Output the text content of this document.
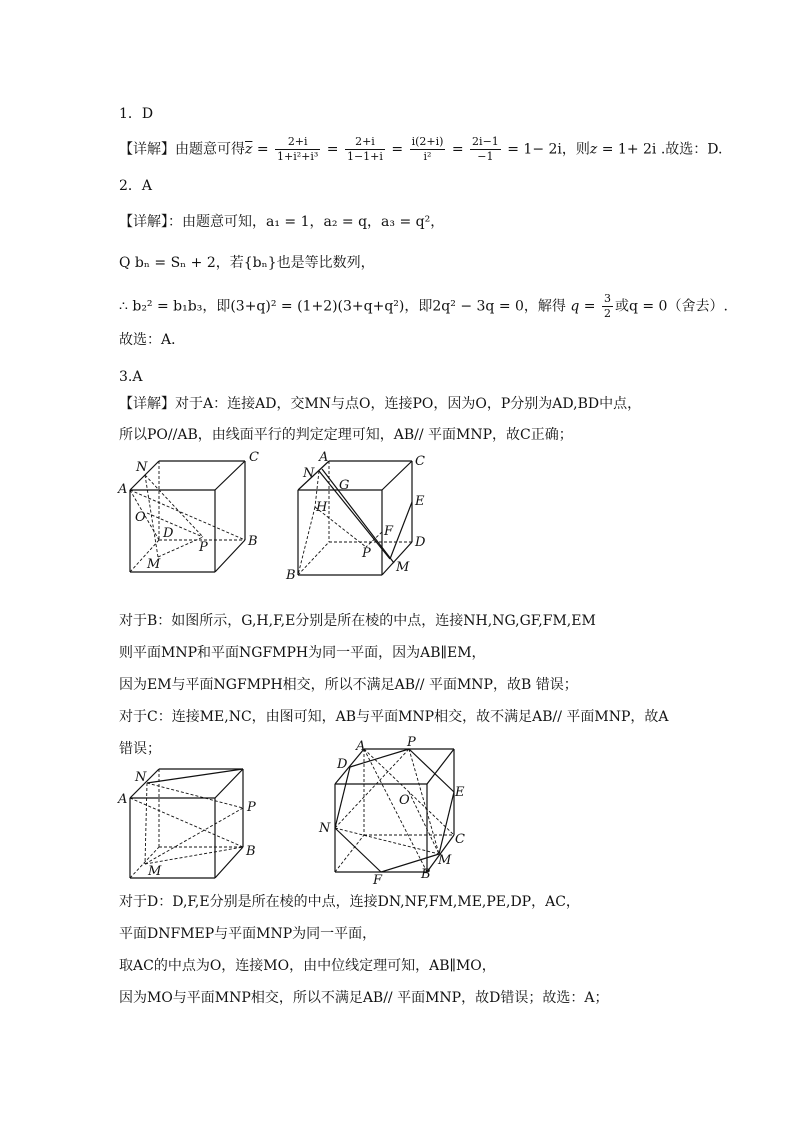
1．D
【详解】由题意可得$\overline{z} = \frac{2+i}{\text{1+i²+i³}} = \frac{2+i}{1-1+i} = \frac{i(2+i)}{\text{i²}} = \frac{2i-1}{-1} = 1- 2i$，则z = 1+ 2i .故选：D.
2．A
【详解】：由题意可知，a₁ = 1，a₂ = q，a₃ = q²，
Q bₙ = Sₙ + 2，若{bₙ}也是等比数列，
∴ b₂² = b₁b₃，即(3+q)² = (1+2)(3+q+q²)，即2q² − 3q = 0，解得 $q = \frac{3}{2}$ 或q = 0（舍去）.
故选：A．
3.A
【详解】对于A：连接AD，交MN与点O，连接PO，因为O，P分别为AD,BD中点，
所以PO//AB，由线面平行的判定定理可知，AB// 平面MNP，故C正确；
N
C
A
O
D
P	B
M
N
A	C
G
H	E
F
P
D
B
M
对于B：如图所示，G,H,F,E分别是所在棱的中点，连接NH,NG,GF,FM,EM
则平面MNP和平面NGFMPH为同一平面，因为AB∥EM，
因为EM与平面NGFMPH相交，所以不满足AB// 平面MNP，故B 错误；
对于C：连接ME,NC，由图可知，AB与平面MNP相交，故不满足AB// 平面MNP，故A
错误；
N
A
P
B
M
A	P
D
O
E
N
C
M
B
F
对于D：D,F,E分别是所在棱的中点，连接DN,NF,FM,ME,PE,DP，AC，
平面DNFMEP与平面MNP为同一平面，
取AC的中点为O，连接MO，由中位线定理可知，AB∥MO，
因为MO与平面MNP相交，所以不满足AB// 平面MNP，故D错误；故选：A；
